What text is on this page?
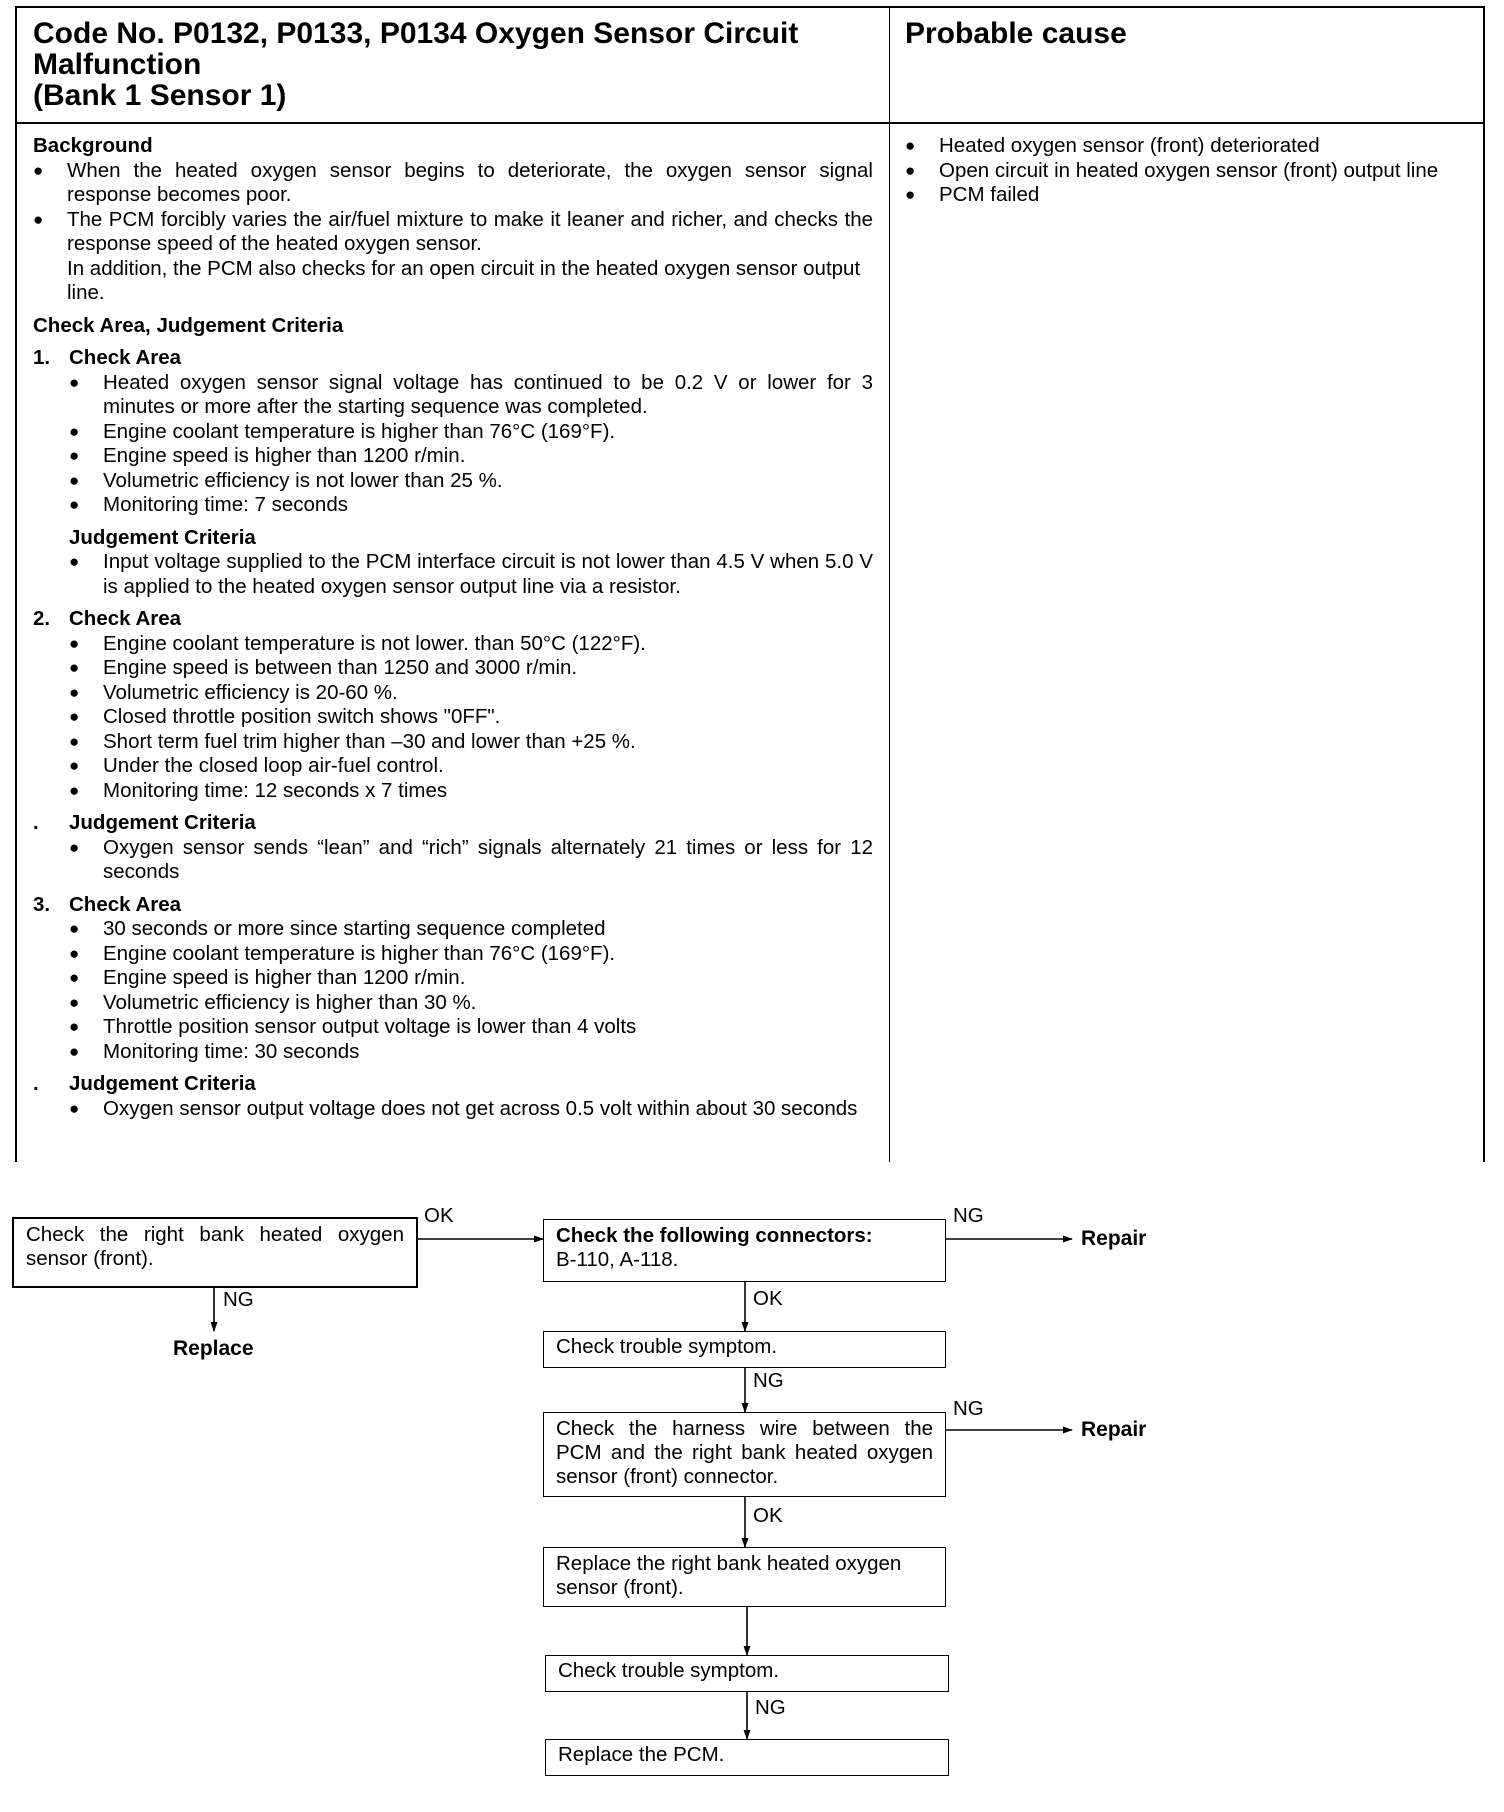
Code No. P0132, P0133, P0134 Oxygen Sensor Circuit
Malfunction
(Bank 1 Sensor 1)
Probable cause
Background
● When the heated oxygen sensor begins to deteriorate, the oxygen sensor signal response becomes poor.
● The PCM forcibly varies the air/fuel mixture to make it leaner and richer, and checks the response speed of the heated oxygen sensor.
In addition, the PCM also checks for an open circuit in the heated oxygen sensor output line.
Check Area, Judgement Criteria
1. Check Area
● Heated oxygen sensor signal voltage has continued to be 0.2 V or lower for 3 minutes or more after the starting sequence was completed.
● Engine coolant temperature is higher than 76°C (169°F).
● Engine speed is higher than 1200 r/min.
● Volumetric efficiency is not lower than 25 %.
● Monitoring time: 7 seconds
Judgement Criteria
● Input voltage supplied to the PCM interface circuit is not lower than 4.5 V when 5.0 V is applied to the heated oxygen sensor output line via a resistor.
2. Check Area
● Engine coolant temperature is not lower. than 50°C (122°F).
● Engine speed is between than 1250 and 3000 r/min.
● Volumetric efficiency is 20-60 %.
● Closed throttle position switch shows "0FF".
● Short term fuel trim higher than –30 and lower than +25 %.
● Under the closed loop air-fuel control.
● Monitoring time: 12 seconds x 7 times
. Judgement Criteria
● Oxygen sensor sends “lean” and “rich” signals alternately 21 times or less for 12 seconds
3. Check Area
● 30 seconds or more since starting sequence completed
● Engine coolant temperature is higher than 76°C (169°F).
● Engine speed is higher than 1200 r/min.
● Volumetric efficiency is higher than 30 %.
● Throttle position sensor output voltage is lower than 4 volts
● Monitoring time: 30 seconds
. Judgement Criteria
● Oxygen sensor output voltage does not get across 0.5 volt within about 30 seconds
● Heated oxygen sensor (front) deteriorated
● Open circuit in heated oxygen sensor (front) output line
● PCM failed
Check the right bank heated oxygen sensor (front).
OK
NG
Replace
Check the following connectors:
B-110, A-118.
NG
Repair
OK
Check trouble symptom.
NG
Check the harness wire between the PCM and the right bank heated oxygen sensor (front) connector.
NG
Repair
OK
Replace the right bank heated oxygen sensor (front).
Check trouble symptom.
NG
Replace the PCM.
